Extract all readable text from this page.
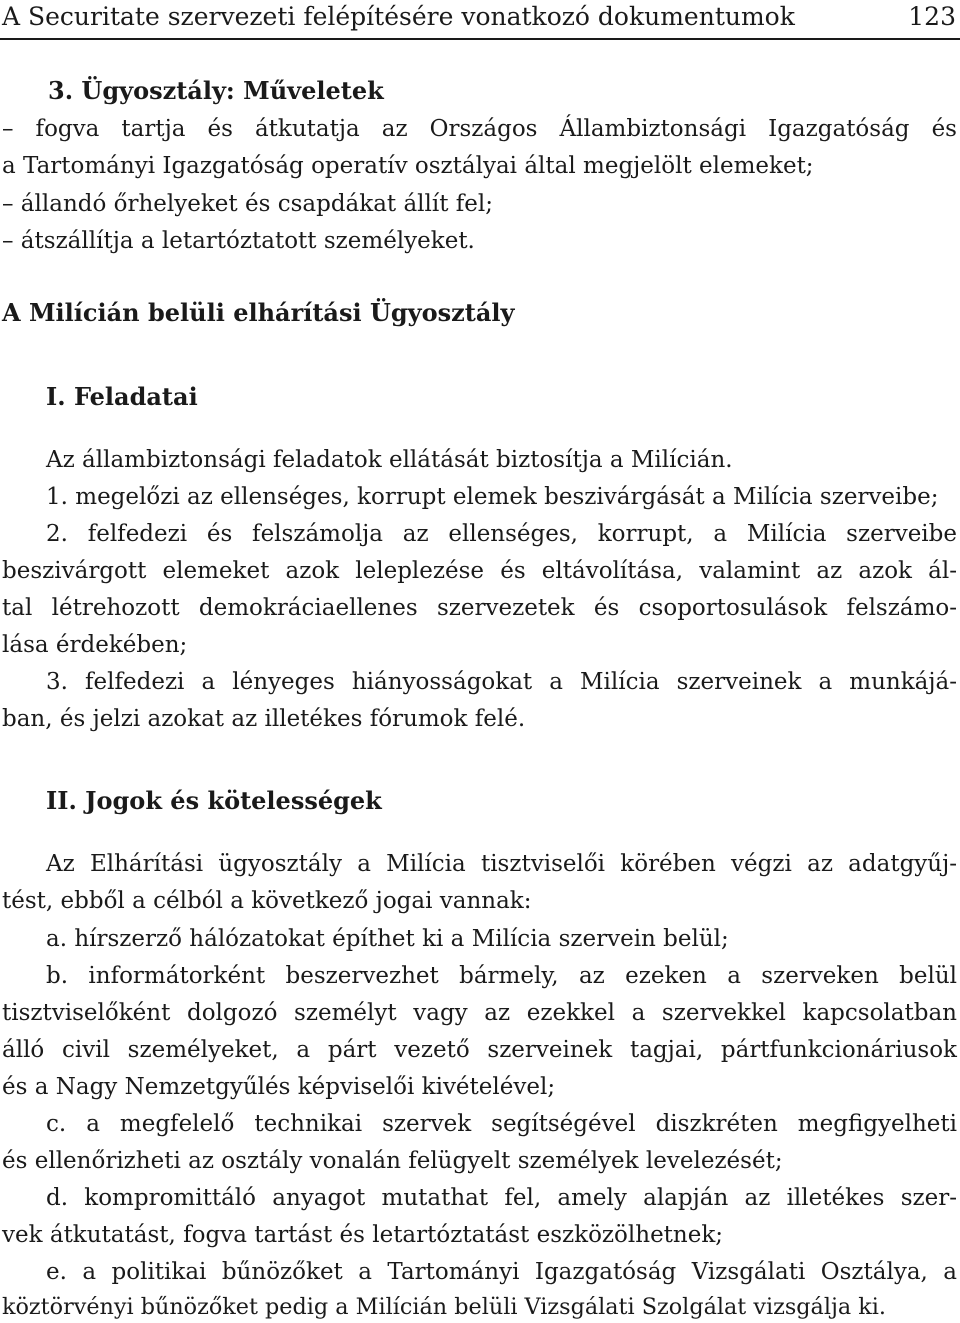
A Securitate szervezeti felépítésére vonatkozó dokumentumok	123
3. Ügyosztály: Műveletek
– fogva tartja és átkutatja az Országos Állambiztonsági Igazgatóság és
a Tartományi Igazgatóság operatív osztályai által megjelölt elemeket;
– állandó őrhelyeket és csapdákat állít fel;
– átszállítja a letartóztatott személyeket.
A Milícián belüli elhárítási Ügyosztály
I. Feladatai
Az állambiztonsági feladatok ellátását biztosítja a Milícián.
1. megelőzi az ellenséges, korrupt elemek beszivárgását a Milícia szerveibe;
2. felfedezi és felszámolja az ellenséges, korrupt, a Milícia szerveibe
beszivárgott elemeket azok leleplezése és eltávolítása, valamint az azok ál-
tal létrehozott demokráciaellenes szervezetek és csoportosulások felszámo-
lása érdekében;
3. felfedezi a lényeges hiányosságokat a Milícia szerveinek a munkájá-
ban, és jelzi azokat az illetékes fórumok felé.
II. Jogok és kötelességek
Az Elhárítási ügyosztály a Milícia tisztviselői körében végzi az adatgyűj-
tést, ebből a célból a következő jogai vannak:
a. hírszerző hálózatokat építhet ki a Milícia szervein belül;
b. informátorként beszervezhet bármely, az ezeken a szerveken belül
tisztviselőként dolgozó személyt vagy az ezekkel a szervekkel kapcsolatban
álló civil személyeket, a párt vezető szerveinek tagjai, pártfunkcionáriusok
és a Nagy Nemzetgyűlés képviselői kivételével;
c. a megfelelő technikai szervek segítségével diszkréten megfigyelheti
és ellenőrizheti az osztály vonalán felügyelt személyek levelezését;
d. kompromittáló anyagot mutathat fel, amely alapján az illetékes szer-
vek átkutatást, fogva tartást és letartóztatást eszközölhetnek;
e. a politikai bűnözőket a Tartományi Igazgatóság Vizsgálati Osztálya, a
köztörvényi bűnözőket pedig a Milícián belüli Vizsgálati Szolgálat vizsgálja ki.
